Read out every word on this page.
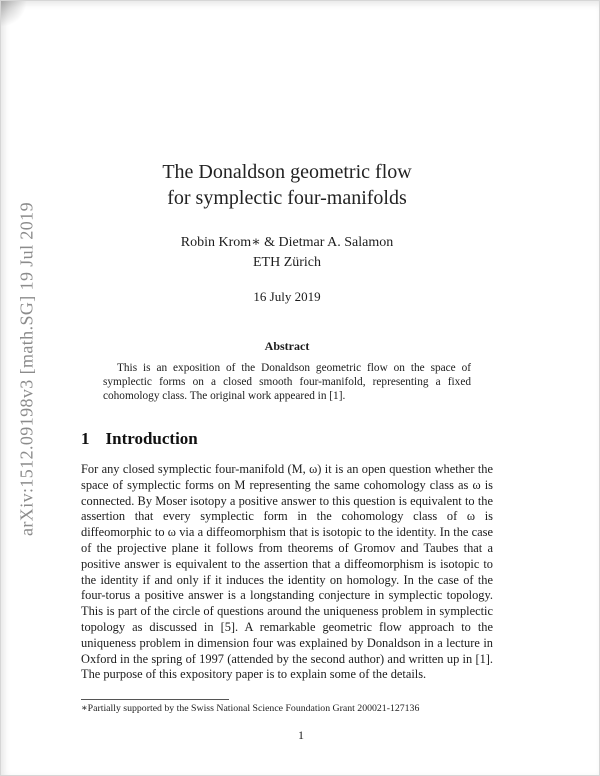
arXiv:1512.09198v3 [math.SG] 19 Jul 2019
The Donaldson geometric flow
for symplectic four-manifolds
Robin Krom∗ & Dietmar A. Salamon
ETH Zürich
16 July 2019
Abstract

This is an exposition of the Donaldson geometric flow on the space of symplectic forms on a closed smooth four-manifold, representing a fixed cohomology class. The original work appeared in [1].

1 Introduction

For any closed symplectic four-manifold (M, ω) it is an open question whether the space of symplectic forms on M representing the same cohomology class as ω is connected. By Moser isotopy a positive answer to this question is equivalent to the assertion that every symplectic form in the cohomology class of ω is diffeomorphic to ω via a diffeomorphism that is isotopic to the identity. In the case of the projective plane it follows from theorems of Gromov and Taubes that a positive answer is equivalent to the assertion that a diffeomorphism is isotopic to the identity if and only if it induces the identity on homology. In the case of the four-torus a positive answer is a longstanding conjecture in symplectic topology. This is part of the circle of questions around the uniqueness problem in symplectic topology as discussed in [5]. A remarkable geometric flow approach to the uniqueness problem in dimension four was explained by Donaldson in a lecture in Oxford in the spring of 1997 (attended by the second author) and written up in [1]. The purpose of this expository paper is to explain some of the details.

∗Partially supported by the Swiss National Science Foundation Grant 200021-127136
1
